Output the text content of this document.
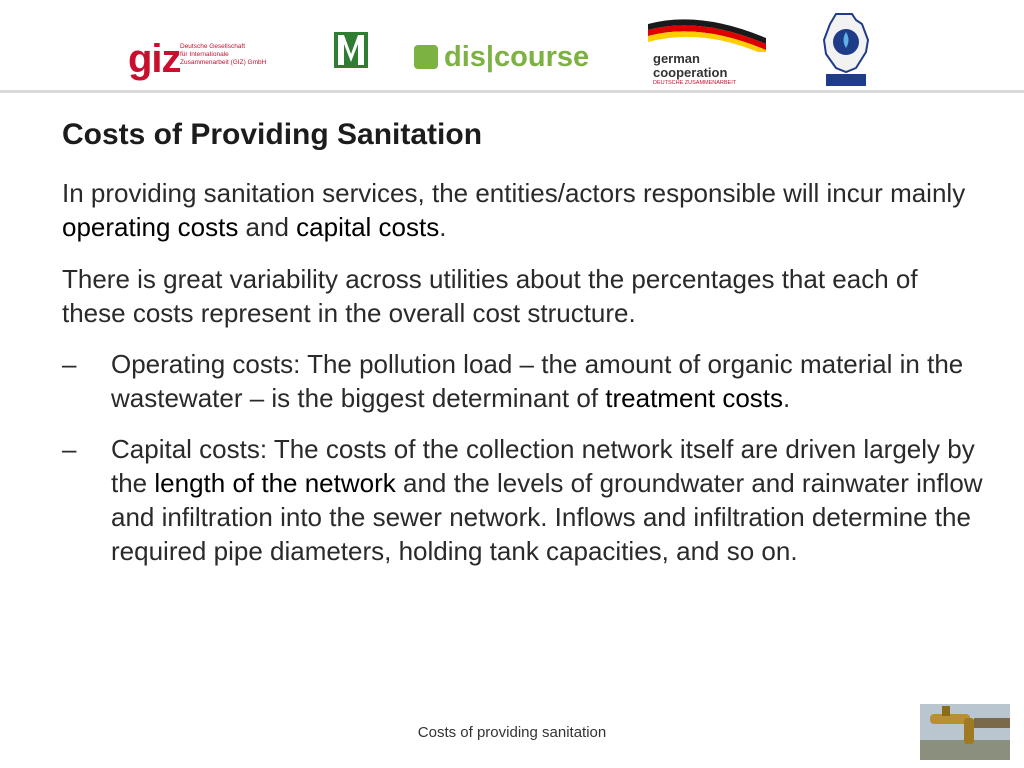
giz Deutsche Gesellschaft
für Internationale
Zusammenarbeit (GIZ) GmbH	dis|course	german
cooperation
DEUTSCHE ZUSAMMENARBEIT
Costs of Providing Sanitation

In providing sanitation services, the entities/actors responsible will incur mainly operating costs and capital costs.

There is great variability across utilities about the percentages that each of these costs represent in the overall cost structure.

– Operating costs: The pollution load – the amount of organic material in the wastewater – is the biggest determinant of treatment costs.
– Capital costs: The costs of the collection network itself are driven largely by the length of the network and the levels of groundwater and rainwater inflow and infiltration into the sewer network. Inflows and infiltration determine the required pipe diameters, holding tank capacities, and so on.
Costs of providing sanitation
